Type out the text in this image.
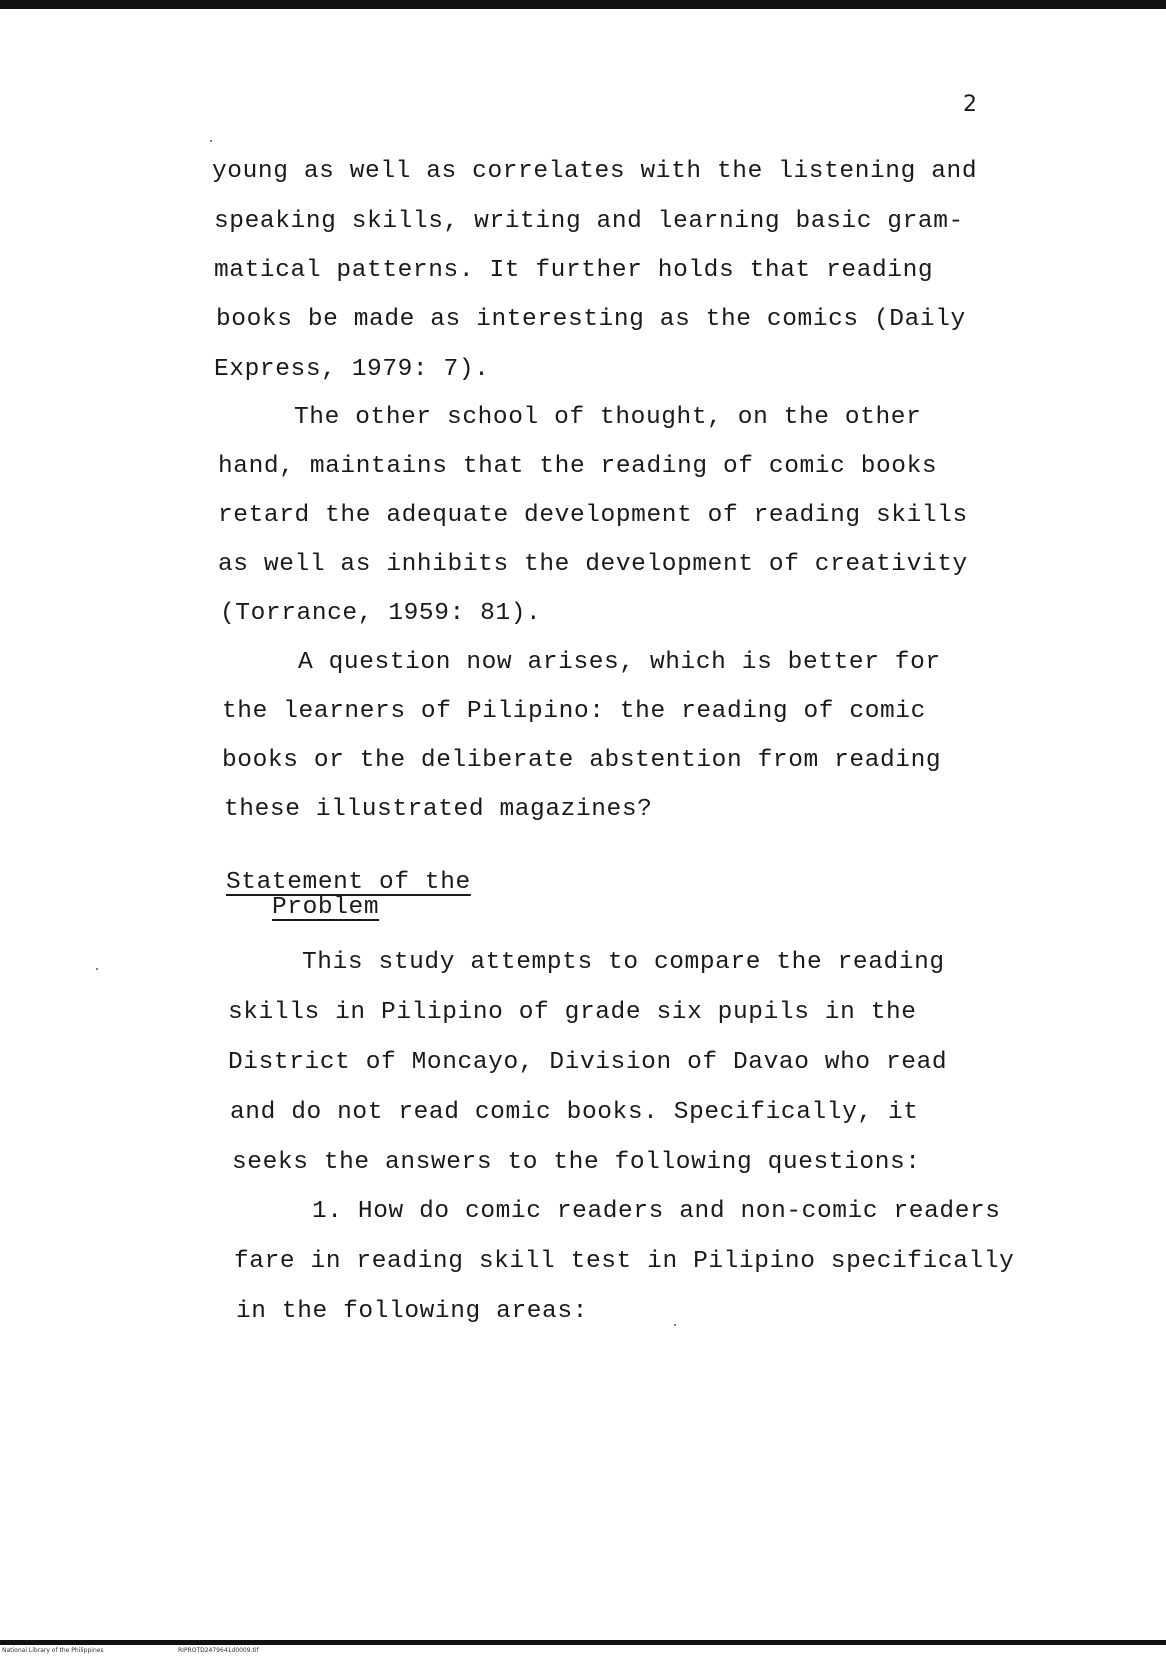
2
young as well as correlates with the listening and
speaking skills, writing and learning basic gram-
matical patterns. It further holds that reading
books be made as interesting as the comics (Daily
Express, 1979: 7).
The other school of thought, on the other
hand, maintains that the reading of comic books
retard the adequate development of reading skills
as well as inhibits the development of creativity
(Torrance, 1959: 81).
A question now arises, which is better for
the learners of Pilipino: the reading of comic
books or the deliberate abstention from reading
these illustrated magazines?
Statement of the
Problem
This study attempts to compare the reading
skills in Pilipino of grade six pupils in the
District of Moncayo, Division of Davao who read
and do not read comic books. Specifically, it
seeks the answers to the following questions:
1. How do comic readers and non-comic readers
fare in reading skill test in Pilipino specifically
in the following areas:
National Library of the Philippines	RIPROTD2479641d0009.tif
